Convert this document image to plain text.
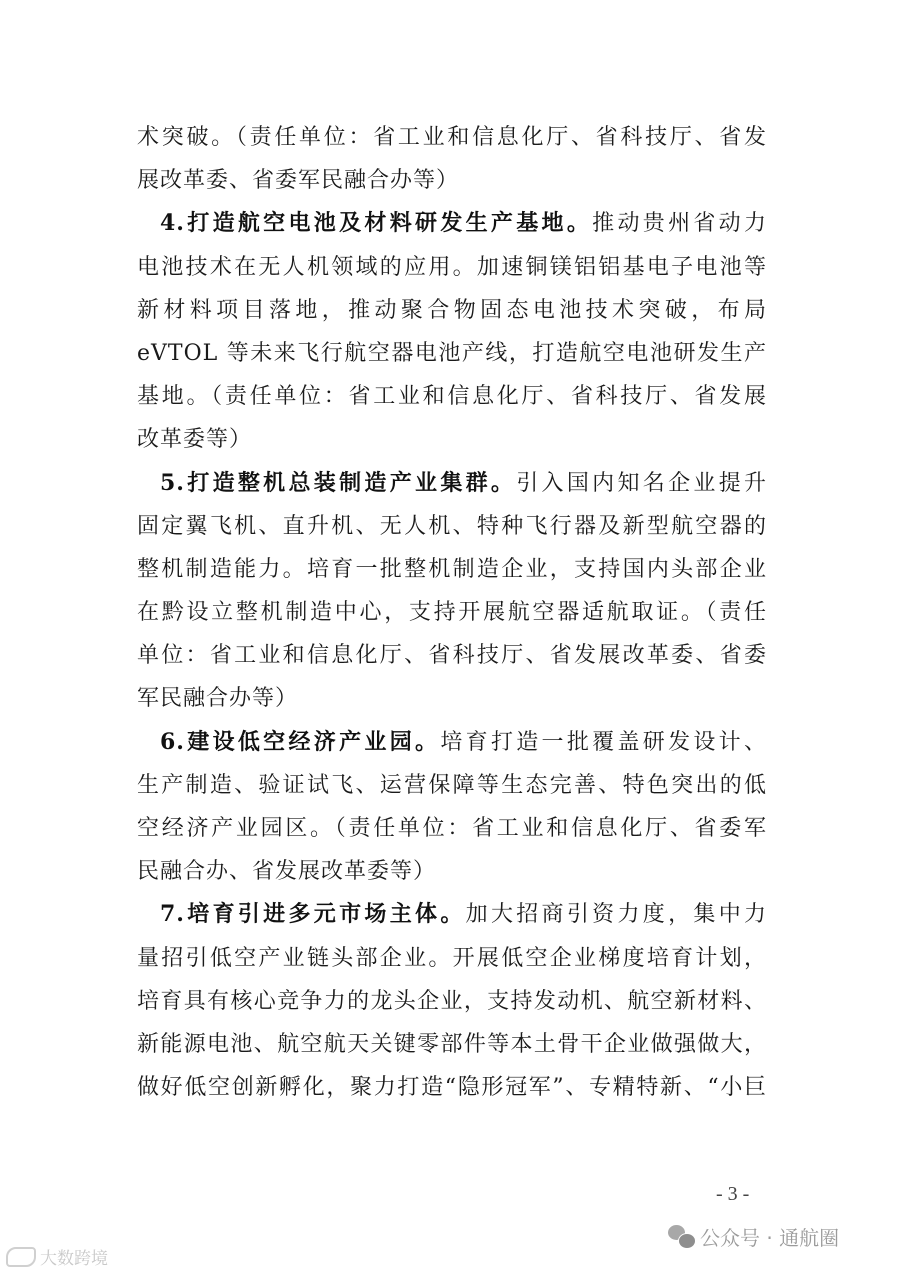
术突破。（责任单位：省工业和信息化厅、省科技厅、省发
展改革委、省委军民融合办等）
4.打造航空电池及材料研发生产基地。推动贵州省动力
电池技术在无人机领域的应用。加速铜镁铝铝基电子电池等
新材料项目落地，推动聚合物固态电池技术突破，布局
eVTOL 等未来飞行航空器电池产线，打造航空电池研发生产
基地。（责任单位：省工业和信息化厅、省科技厅、省发展
改革委等）
5.打造整机总装制造产业集群。引入国内知名企业提升
固定翼飞机、直升机、无人机、特种飞行器及新型航空器的
整机制造能力。培育一批整机制造企业，支持国内头部企业
在黔设立整机制造中心，支持开展航空器适航取证。（责任
单位：省工业和信息化厅、省科技厅、省发展改革委、省委
军民融合办等）
6.建设低空经济产业园。培育打造一批覆盖研发设计、
生产制造、验证试飞、运营保障等生态完善、特色突出的低
空经济产业园区。（责任单位：省工业和信息化厅、省委军
民融合办、省发展改革委等）
7.培育引进多元市场主体。加大招商引资力度，集中力
量招引低空产业链头部企业。开展低空企业梯度培育计划，
培育具有核心竞争力的龙头企业，支持发动机、航空新材料、
新能源电池、航空航天关键零部件等本土骨干企业做强做大，
做好低空创新孵化，聚力打造“隐形冠军”、专精特新、“小巨
- 3 -
公众号 · 通航圈
大数跨境
